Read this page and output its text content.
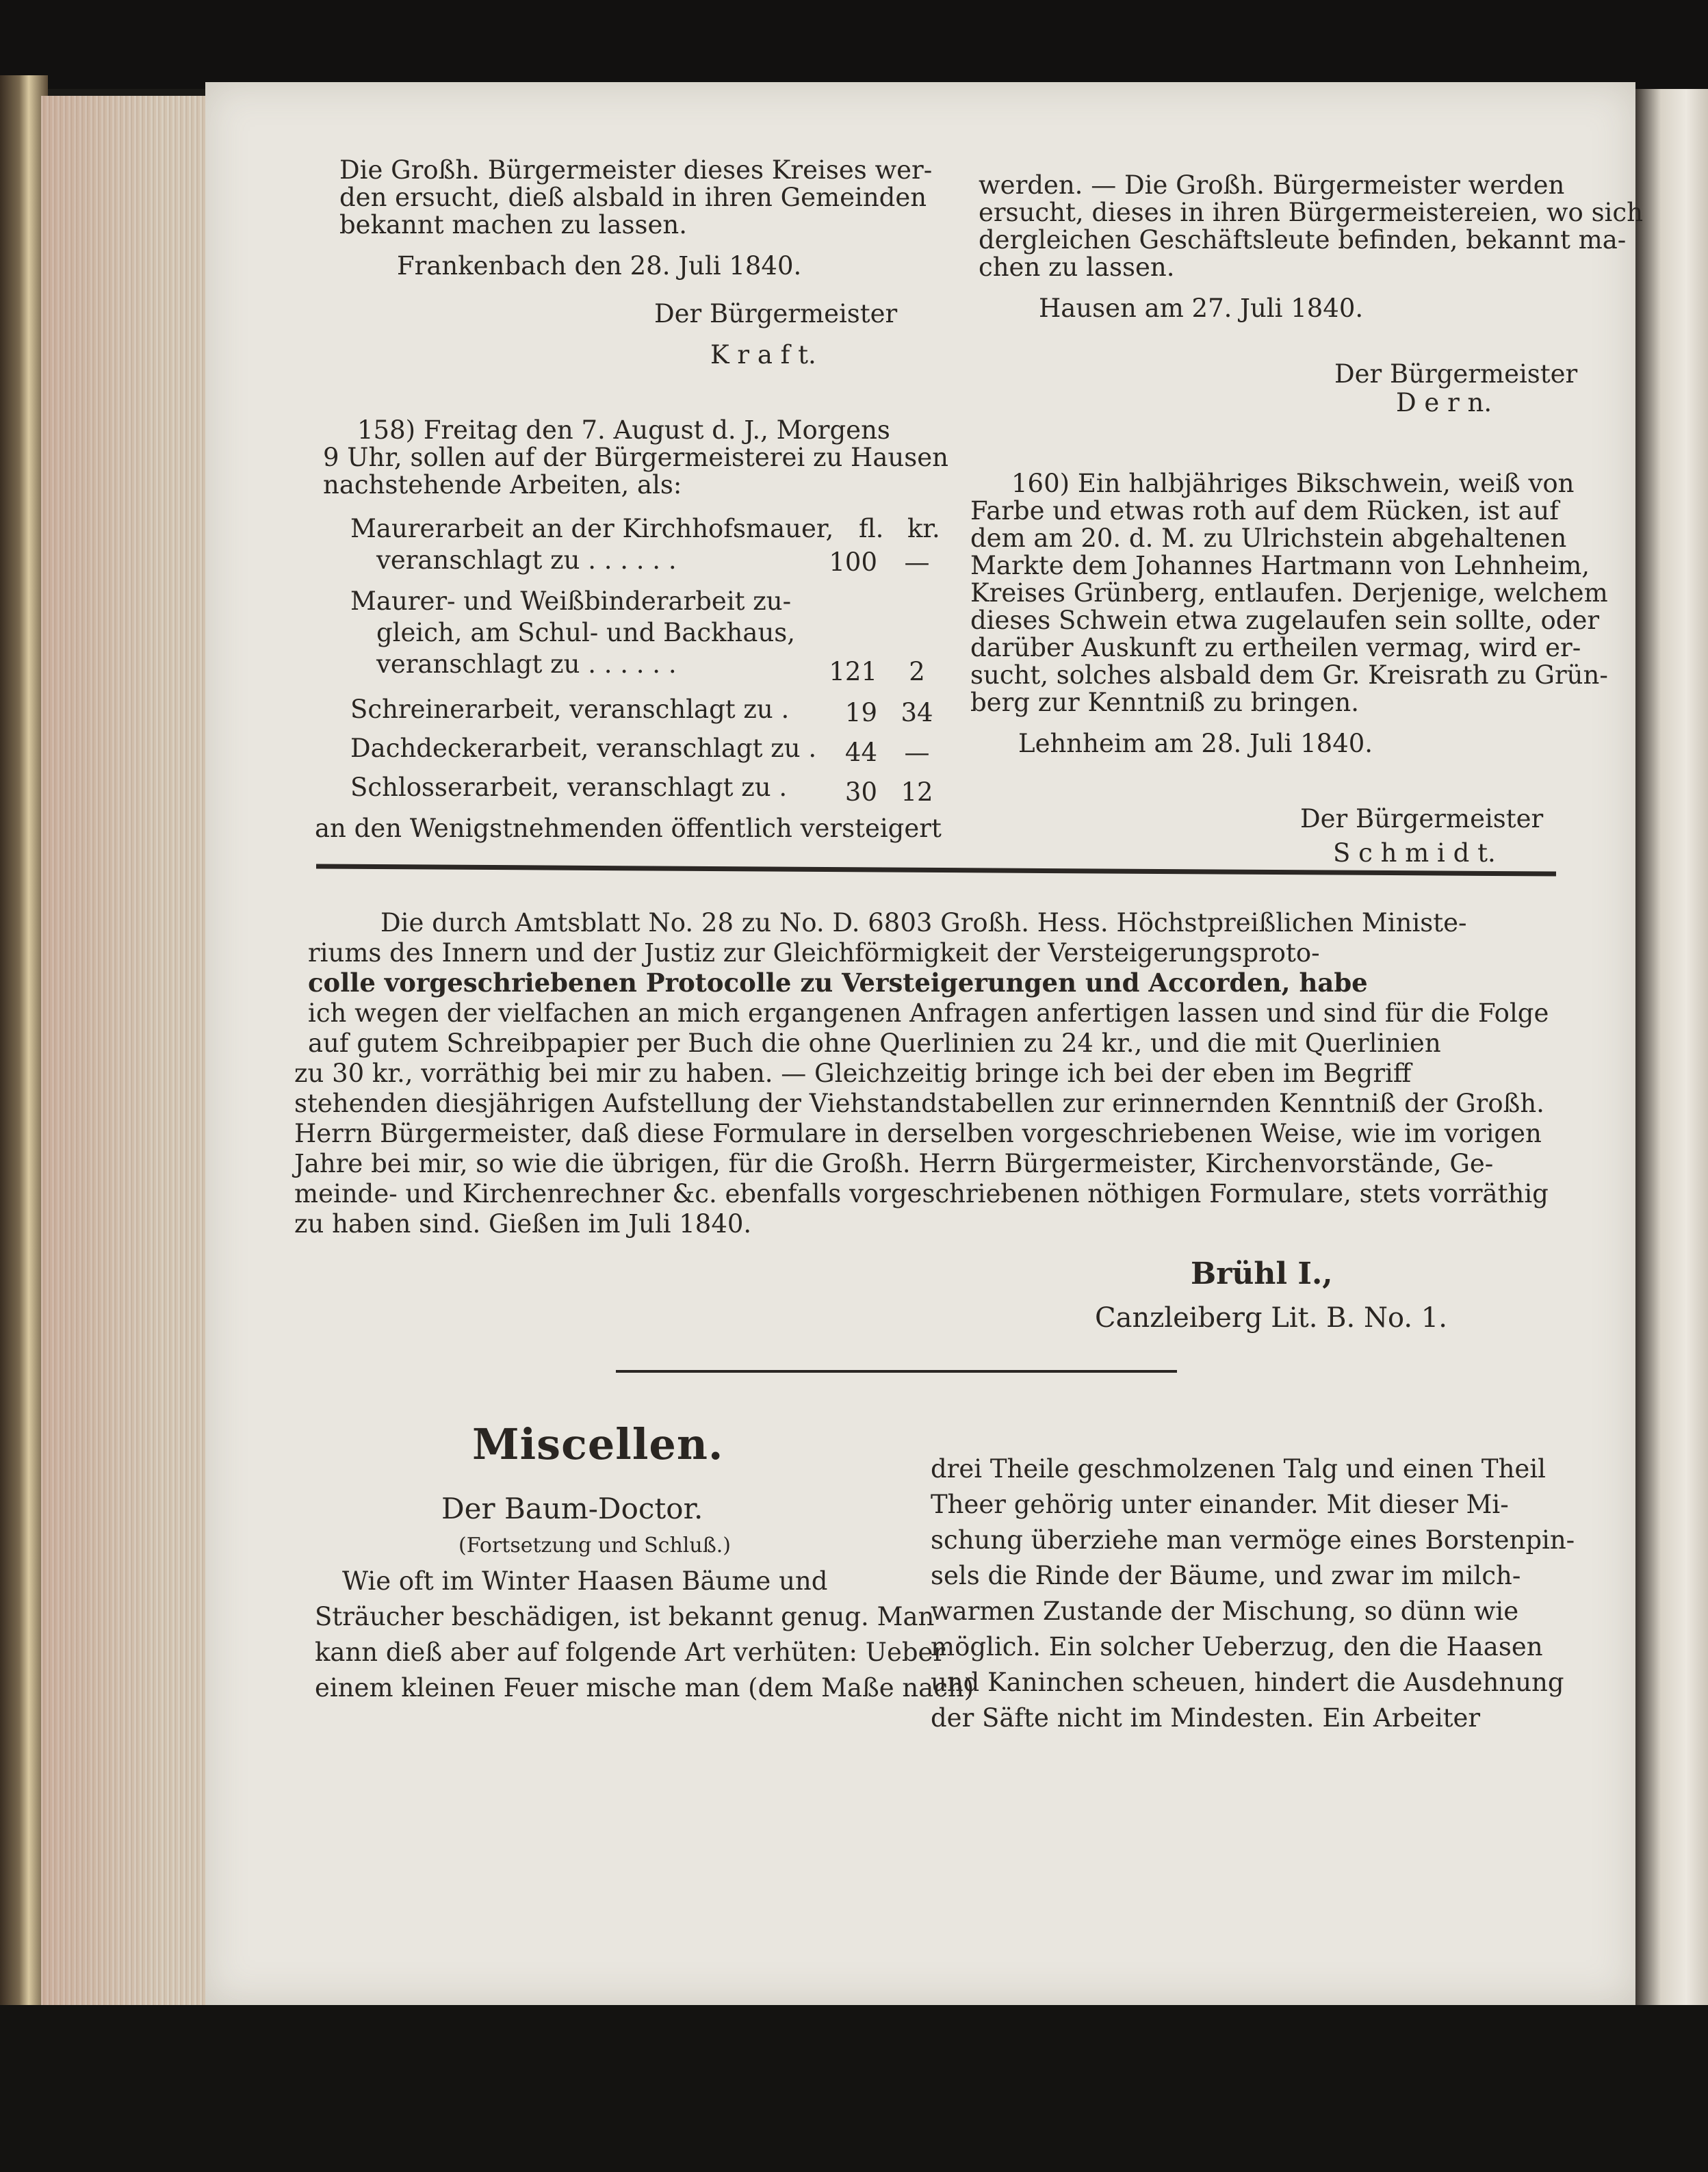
Die Großh. Bürgermeister dieses Kreises wer-
den ersucht, dieß alsbald in ihren Gemeinden
bekannt machen zu lassen.
Frankenbach den 28. Juli 1840.
Der Bürgermeister
K r a f t.
werden. — Die Großh. Bürgermeister werden
ersucht, dieses in ihren Bürgermeistereien, wo sich
dergleichen Geschäftsleute befinden, bekannt ma-
chen zu lassen.
Hausen am 27. Juli 1840.
Der Bürgermeister
D e r n.
158) Freitag den 7. August d. J., Morgens
9 Uhr, sollen auf der Bürgermeisterei zu Hausen
nachstehende Arbeiten, als:
fl. kr.
Maurerarbeit an der Kirchhofsmauer,
veranschlagt zu . . . . . .	100	—
Maurer- und Weißbinderarbeit zu-
gleich, am Schul- und Backhaus,
veranschlagt zu . . . . . .	121	2
Schreinerarbeit, veranschlagt zu .	19 34
Dachdeckerarbeit, veranschlagt zu .	44	—
Schlosserarbeit, veranschlagt zu .	30 12
an den Wenigstnehmenden öffentlich versteigert
160) Ein halbjähriges Bikschwein, weiß von
Farbe und etwas roth auf dem Rücken, ist auf
dem am 20. d. M. zu Ulrichstein abgehaltenen
Markte dem Johannes Hartmann von Lehnheim,
Kreises Grünberg, entlaufen. Derjenige, welchem
dieses Schwein etwa zugelaufen sein sollte, oder
darüber Auskunft zu ertheilen vermag, wird er-
sucht, solches alsbald dem Gr. Kreisrath zu Grün-
berg zur Kenntniß zu bringen.
Lehnheim am 28. Juli 1840.
Der Bürgermeister
S c h m i d t.
Die durch Amtsblatt No. 28 zu No. D. 6803 Großh. Hess. Höchstpreißlichen Ministe-
riums des Innern und der Justiz zur Gleichförmigkeit der Versteigerungsproto-
colle vorgeschriebenen Protocolle zu Versteigerungen und Accorden, habe
ich wegen der vielfachen an mich ergangenen Anfragen anfertigen lassen und sind für die Folge
auf gutem Schreibpapier per Buch die ohne Querlinien zu 24 kr., und die mit Querlinien
zu 30 kr., vorräthig bei mir zu haben. — Gleichzeitig bringe ich bei der eben im Begriff
stehenden diesjährigen Aufstellung der Viehstandstabellen zur erinnernden Kenntniß der Großh.
Herrn Bürgermeister, daß diese Formulare in derselben vorgeschriebenen Weise, wie im vorigen
Jahre bei mir, so wie die übrigen, für die Großh. Herrn Bürgermeister, Kirchenvorstände, Ge-
meinde- und Kirchenrechner &c. ebenfalls vorgeschriebenen nöthigen Formulare, stets vorräthig
zu haben sind. Gießen im Juli 1840.
Brühl I.,
Canzleiberg Lit. B. No. 1.
Miscellen.
Der Baum-Doctor.
(Fortsetzung und Schluß.)
Wie oft im Winter Haasen Bäume und
Sträucher beschädigen, ist bekannt genug. Man
kann dieß aber auf folgende Art verhüten: Ueber
einem kleinen Feuer mische man (dem Maße nach)
drei Theile geschmolzenen Talg und einen Theil
Theer gehörig unter einander. Mit dieser Mi-
schung überziehe man vermöge eines Borstenpin-
sels die Rinde der Bäume, und zwar im milch-
warmen Zustande der Mischung, so dünn wie
möglich. Ein solcher Ueberzug, den die Haasen
und Kaninchen scheuen, hindert die Ausdehnung
der Säfte nicht im Mindesten. Ein Arbeiter
